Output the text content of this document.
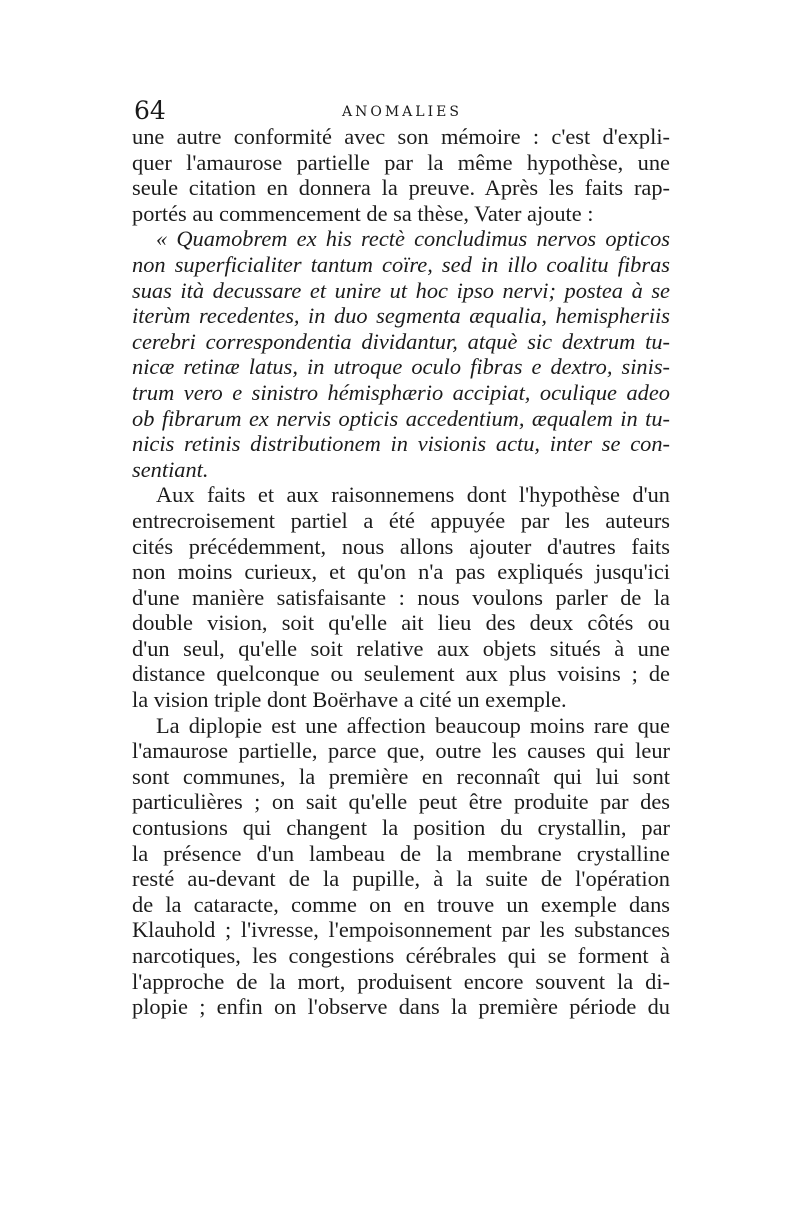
64	ANOMALIES
une autre conformité avec son mémoire : c'est d'expli-
quer l'amaurose partielle par la même hypothèse, une
seule citation en donnera la preuve. Après les faits rap-
portés au commencement de sa thèse, Vater ajoute :
« Quamobrem ex his rectè concludimus nervos opticos
non superficialiter tantum coïre, sed in illo coalitu fibras
suas ità decussare et unire ut hoc ipso nervi; postea à se
iterùm recedentes, in duo segmenta æqualia, hemispheriis
cerebri correspondentia dividantur, atquè sic dextrum tu-
nicæ retinæ latus, in utroque oculo fibras e dextro, sinis-
trum vero e sinistro hémisphærio accipiat, oculique adeo
ob fibrarum ex nervis opticis accedentium, æqualem in tu-
nicis retinis distributionem in visionis actu, inter se con-
sentiant.
Aux faits et aux raisonnemens dont l'hypothèse d'un
entrecroisement partiel a été appuyée par les auteurs
cités précédemment, nous allons ajouter d'autres faits
non moins curieux, et qu'on n'a pas expliqués jusqu'ici
d'une manière satisfaisante : nous voulons parler de la
double vision, soit qu'elle ait lieu des deux côtés ou
d'un seul, qu'elle soit relative aux objets situés à une
distance quelconque ou seulement aux plus voisins ; de
la vision triple dont Boërhave a cité un exemple.
La diplopie est une affection beaucoup moins rare que
l'amaurose partielle, parce que, outre les causes qui leur
sont communes, la première en reconnaît qui lui sont
particulières ; on sait qu'elle peut être produite par des
contusions qui changent la position du crystallin, par
la présence d'un lambeau de la membrane crystalline
resté au-devant de la pupille, à la suite de l'opération
de la cataracte, comme on en trouve un exemple dans
Klauhold ; l'ivresse, l'empoisonnement par les substances
narcotiques, les congestions cérébrales qui se forment à
l'approche de la mort, produisent encore souvent la di-
plopie ; enfin on l'observe dans la première période du
